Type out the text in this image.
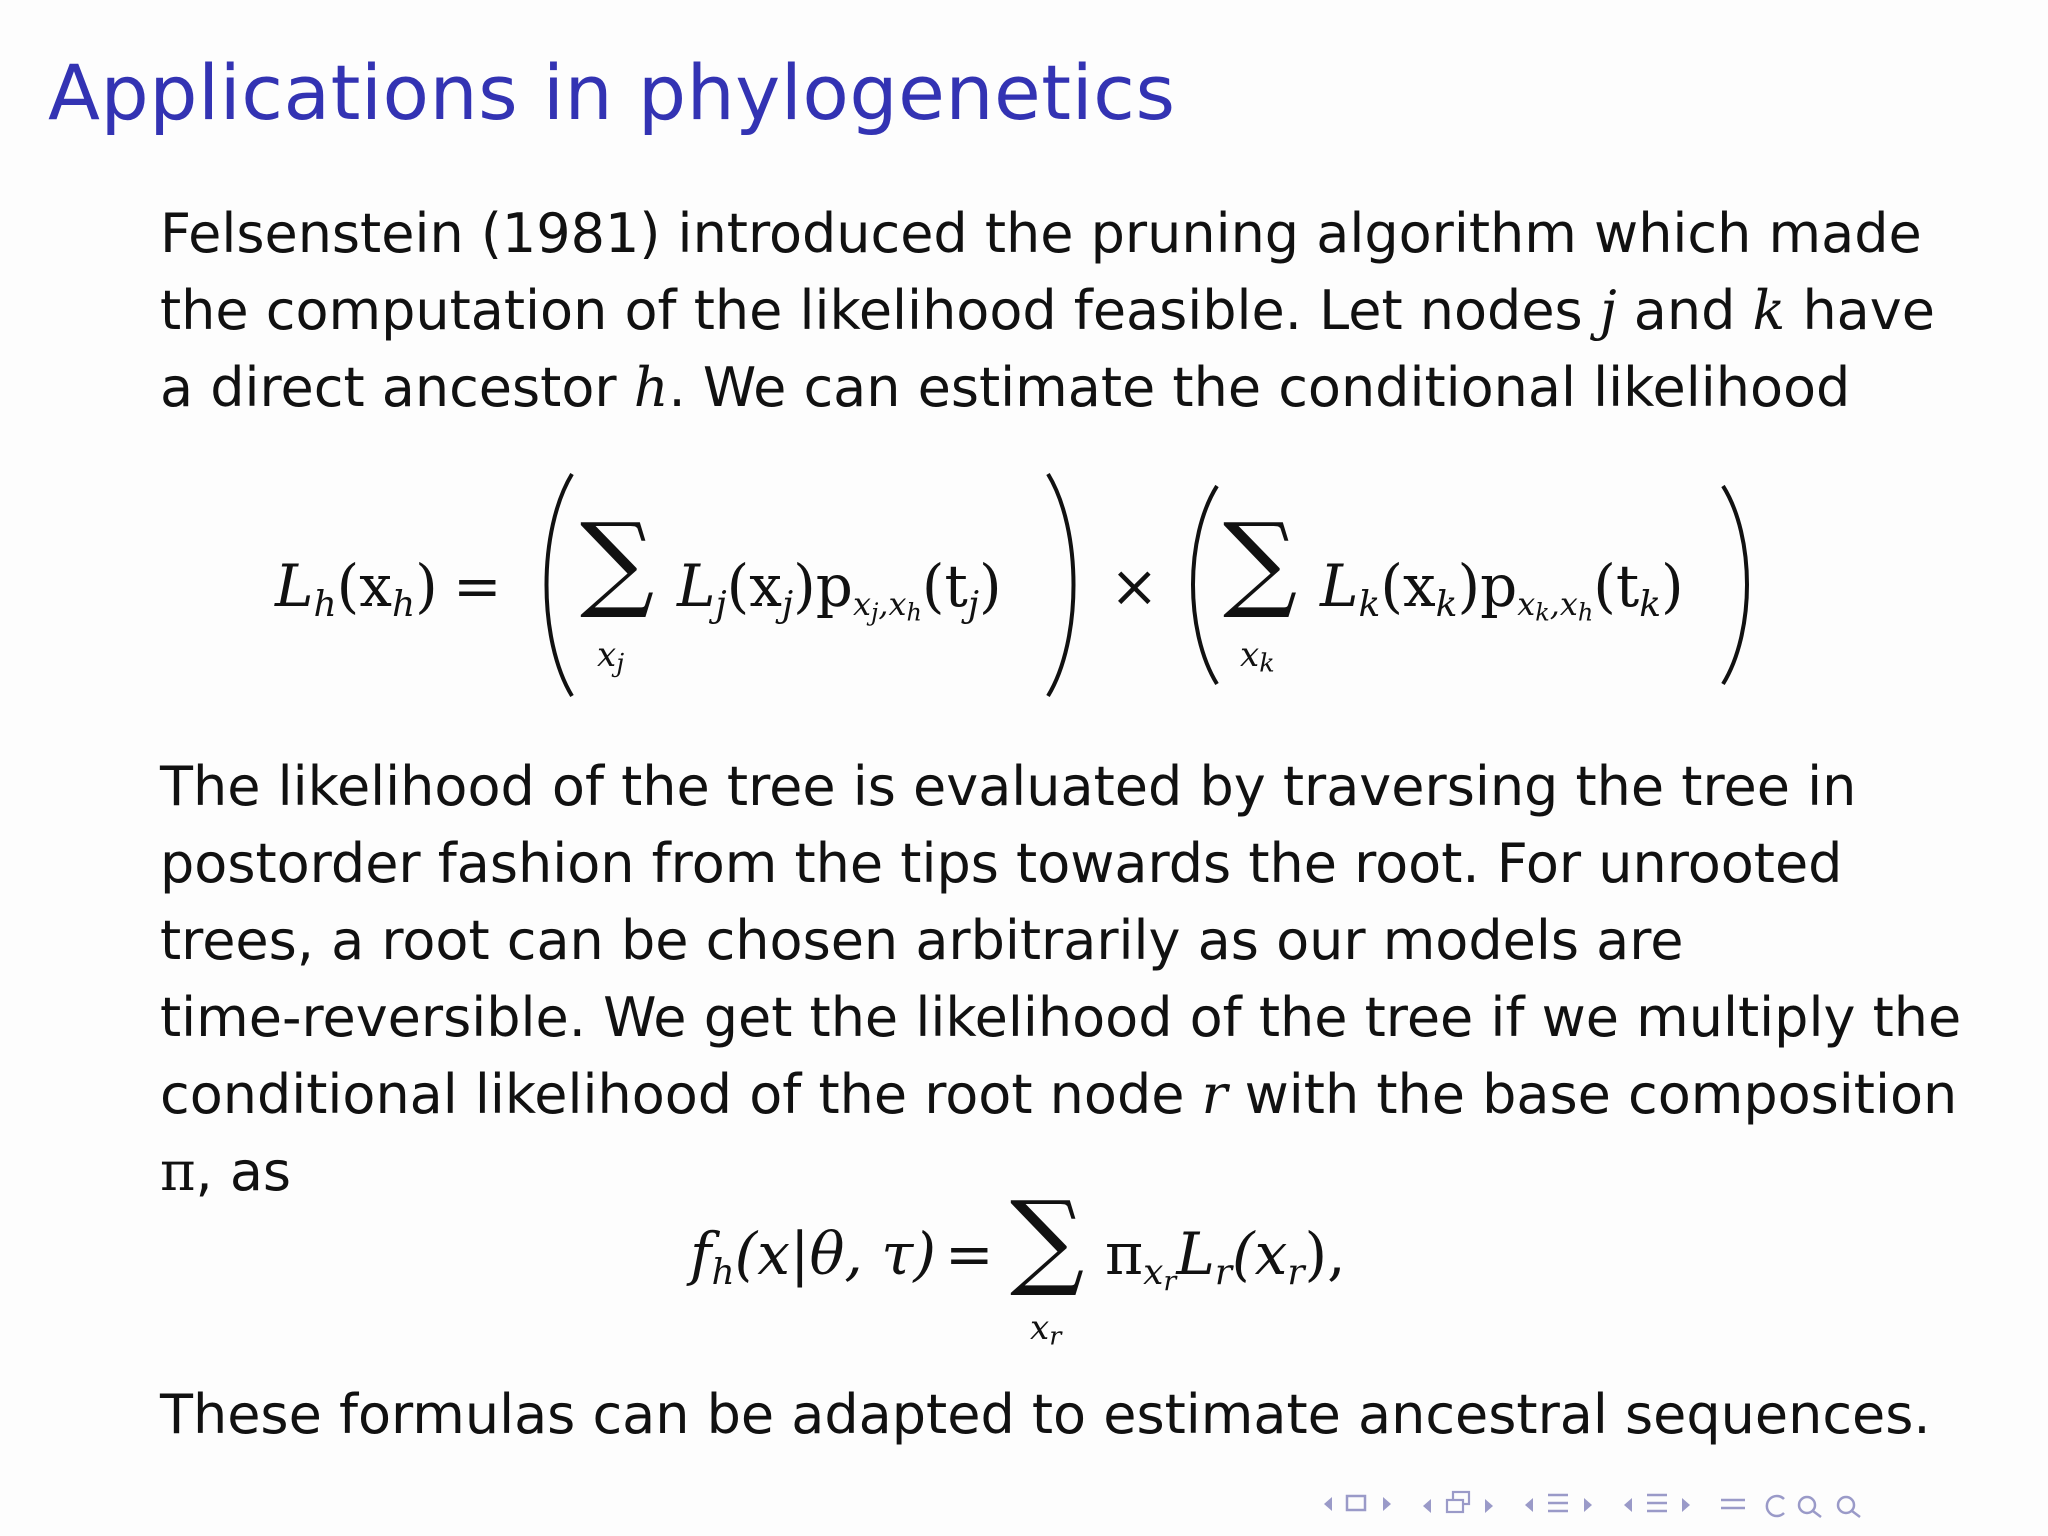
Applications in phylogenetics
Felsenstein (1981) introduced the pruning algorithm which made
the computation of the likelihood feasible. Let nodes j and k have
a direct ancestor h. We can estimate the conditional likelihood
$L_h(x_h)$ = ∑
xj
$L_j(x_j)p_{xj,xh}(t_j)$ × ∑
xk
$L_k(x_k)p_{xk,xh}(t_k)$
The likelihood of the tree is evaluated by traversing the tree in
postorder fashion from the tips towards the root. For unrooted
trees, a root can be chosen arbitrarily as our models are
time-reversible. We get the likelihood of the tree if we multiply the
conditional likelihood of the root node r with the base composition
π, as
$f_h(x|\theta$, τ) = ∑
xr
$\pi_{xr}L_r(x_r)$,
These formulas can be adapted to estimate ancestral sequences.
